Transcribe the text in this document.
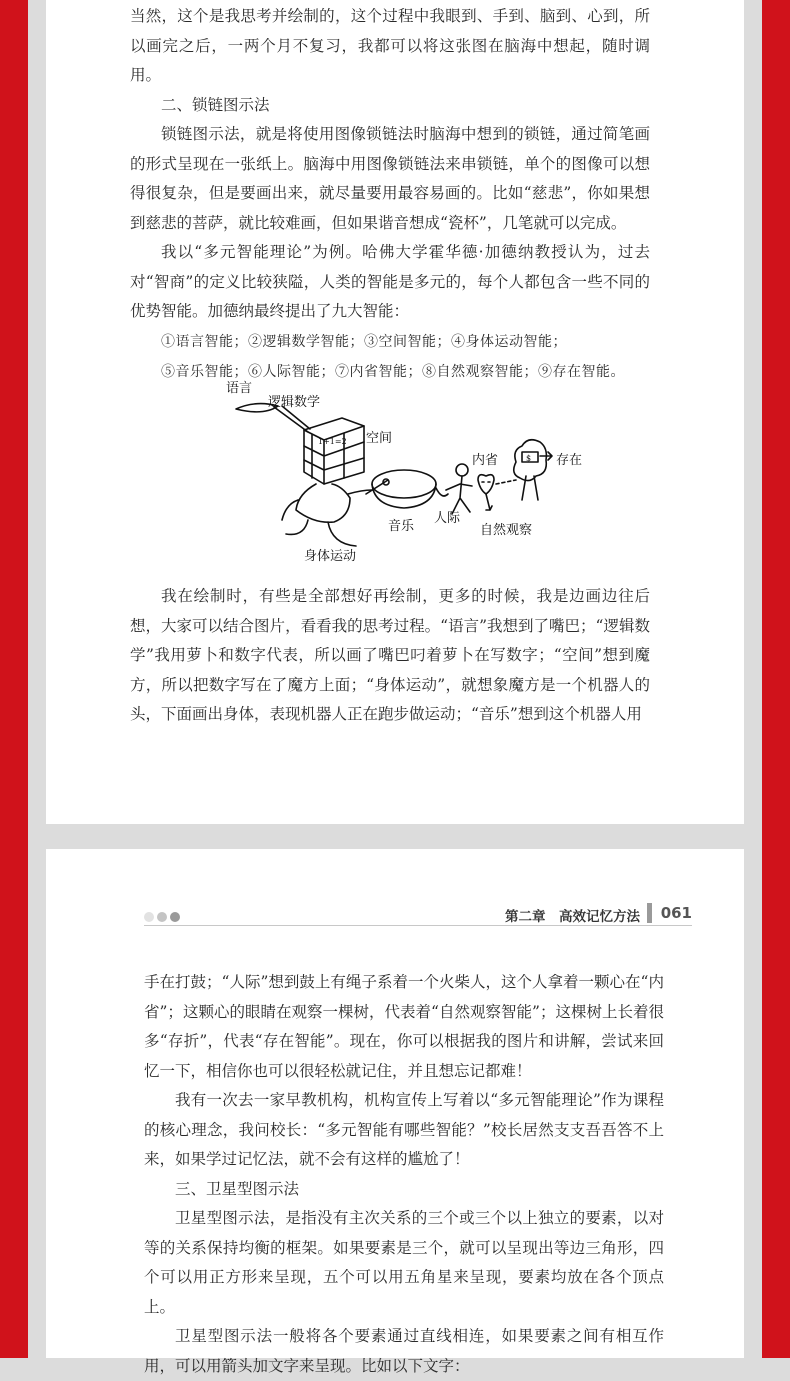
当然，这个是我思考并绘制的，这个过程中我眼到、手到、脑到、心到，所以画完之后，一两个月不复习，我都可以将这张图在脑海中想起，随时调用。

二、锁链图示法

锁链图示法，就是将使用图像锁链法时脑海中想到的锁链，通过简笔画的形式呈现在一张纸上。脑海中用图像锁链法来串锁链，单个的图像可以想得很复杂，但是要画出来，就尽量要用最容易画的。比如“慈悲”，你如果想到慈悲的菩萨，就比较难画，但如果谐音想成“瓷杯”，几笔就可以完成。

我以“多元智能理论”为例。哈佛大学霍华德·加德纳教授认为，过去对“智商”的定义比较狭隘，人类的智能是多元的，每个人都包含一些不同的优势智能。加德纳最终提出了九大智能：

①语言智能；②逻辑数学智能；③空间智能；④身体运动智能；

⑤音乐智能；⑥人际智能；⑦内省智能；⑧自然观察智能；⑨存在智能。

语言
逻辑数学
空间
内省	存在
音乐
人际
自然观察
身体运动
1+1=2
$

我在绘制时，有些是全部想好再绘制，更多的时候，我是边画边往后想，大家可以结合图片，看看我的思考过程。“语言”我想到了嘴巴；“逻辑数学”我用萝卜和数字代表，所以画了嘴巴叼着萝卜在写数字；“空间”想到魔方，所以把数字写在了魔方上面；“身体运动”，就想象魔方是一个机器人的头，下面画出身体，表现机器人正在跑步做运动；“音乐”想到这个机器人用

第二章　高效记忆方法 061

手在打鼓；“人际”想到鼓上有绳子系着一个火柴人，这个人拿着一颗心在“内省”；这颗心的眼睛在观察一棵树，代表着“自然观察智能”；这棵树上长着很多“存折”，代表“存在智能”。现在，你可以根据我的图片和讲解，尝试来回忆一下，相信你也可以很轻松就记住，并且想忘记都难！

我有一次去一家早教机构，机构宣传上写着以“多元智能理论”作为课程的核心理念，我问校长：“多元智能有哪些智能？”校长居然支支吾吾答不上来，如果学过记忆法，就不会有这样的尴尬了！

三、卫星型图示法

卫星型图示法，是指没有主次关系的三个或三个以上独立的要素，以对等的关系保持均衡的框架。如果要素是三个，就可以呈现出等边三角形，四个可以用正方形来呈现，五个可以用五角星来呈现，要素均放在各个顶点上。

卫星型图示法一般将各个要素通过直线相连，如果要素之间有相互作用，可以用箭头加文字来呈现。比如以下文字：
